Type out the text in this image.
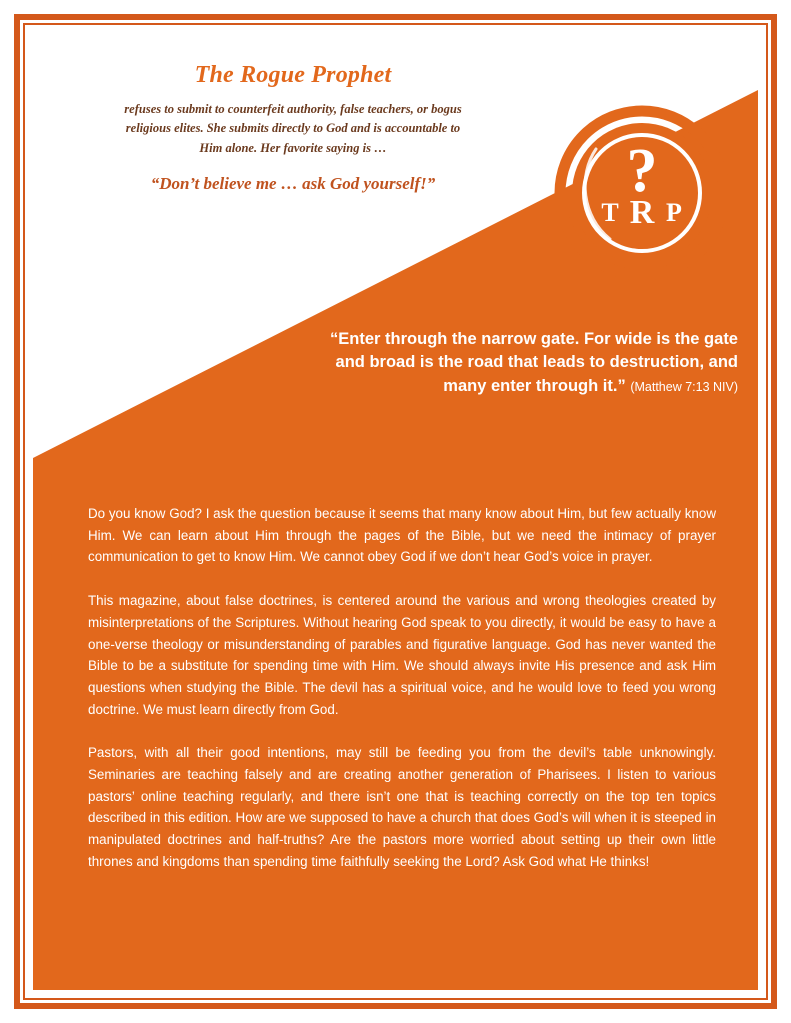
The Rogue Prophet
refuses to submit to counterfeit authority, false teachers, or bogus religious elites. She submits directly to God and is accountable to Him alone. Her favorite saying is …
“Don’t believe me … ask God yourself!”	?
T R P

“Enter through the narrow gate. For wide is the gate and broad is the road that leads to destruction, and many enter through it.” (Matthew 7:13 NIV)

Do you know God? I ask the question because it seems that many know about Him, but few actually know Him. We can learn about Him through the pages of the Bible, but we need the intimacy of prayer communication to get to know Him. We cannot obey God if we don’t hear God’s voice in prayer.

This magazine, about false doctrines, is centered around the various and wrong theologies created by misinterpretations of the Scriptures. Without hearing God speak to you directly, it would be easy to have a one-verse theology or misunderstanding of parables and figurative language. God has never wanted the Bible to be a substitute for spending time with Him. We should always invite His presence and ask Him questions when studying the Bible. The devil has a spiritual voice, and he would love to feed you wrong doctrine. We must learn directly from God.

Pastors, with all their good intentions, may still be feeding you from the devil’s table unknowingly. Seminaries are teaching falsely and are creating another generation of Pharisees. I listen to various pastors’ online teaching regularly, and there isn’t one that is teaching correctly on the top ten topics described in this edition. How are we supposed to have a church that does God’s will when it is steeped in manipulated doctrines and half-truths? Are the pastors more worried about setting up their own little thrones and kingdoms than spending time faithfully seeking the Lord? Ask God what He thinks!
